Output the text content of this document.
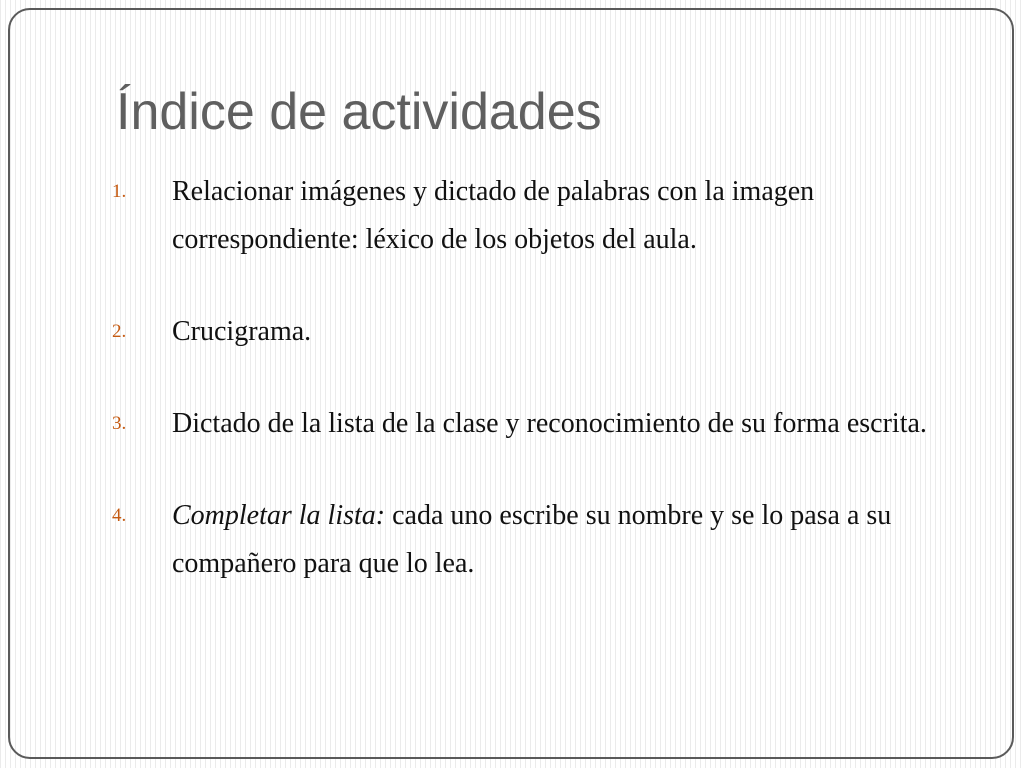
Índice de actividades
1. Relacionar imágenes y dictado de palabras con la imagen correspondiente: léxico de los objetos del aula.
2. Crucigrama.
3. Dictado de la lista de la clase y reconocimiento de su forma escrita.
4. Completar la lista: cada uno escribe su nombre y se lo pasa a su compañero para que lo lea.
